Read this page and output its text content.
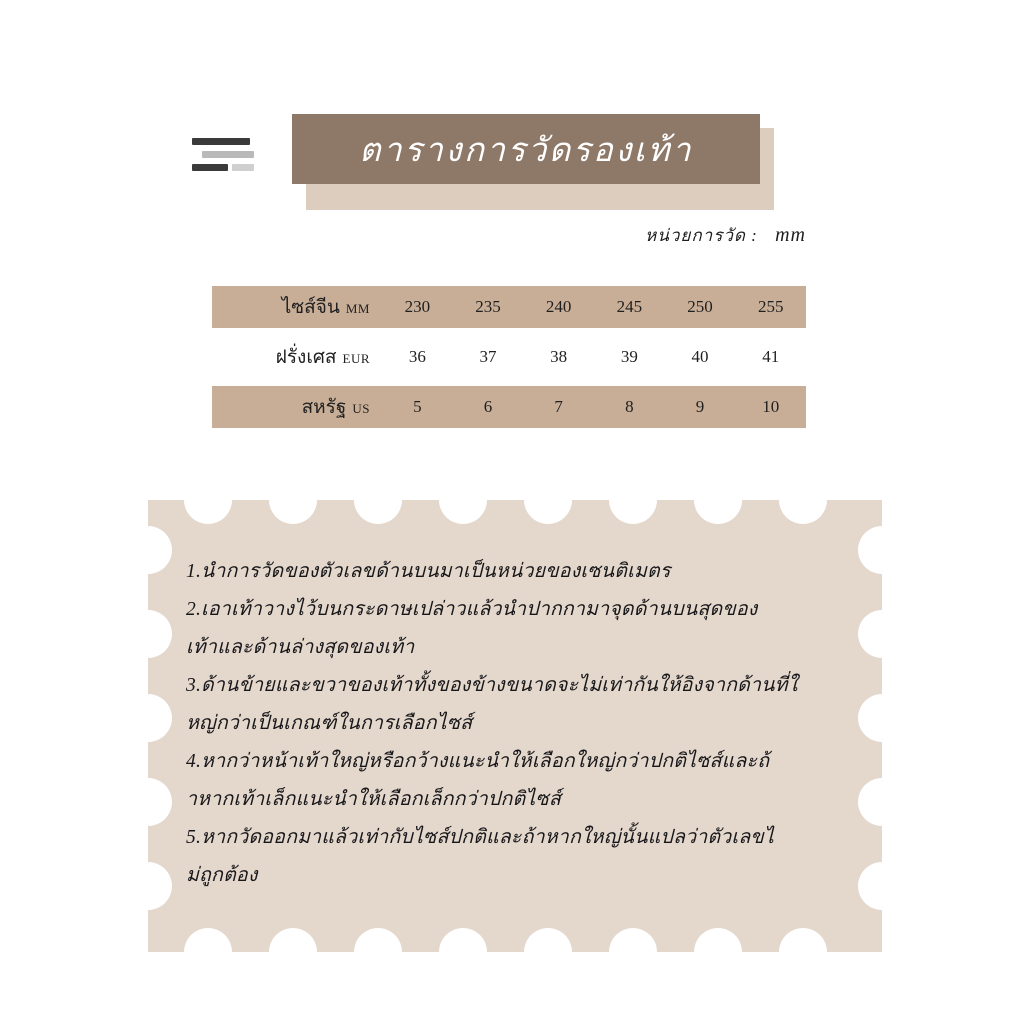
ตารางการวัดรองเท้า
หน่วยการวัด : mm
ไซส์จีน MM	230	235	240	245	250	255
ฝรั่งเศส EUR	36	37	38	39	40	41
สหรัฐ US	5	6	7	8	9	10

1.นำการวัดของตัวเลขด้านบนมาเป็นหน่วยของเซนติเมตร

2.เอาเท้าวางไว้บนกระดาษเปล่าวแล้วนำปากกามาจุดด้านบนสุดของ

เท้าและด้านล่างสุดของเท้า

3.ด้านข้ายและขวาของเท้าทั้งของข้างขนาดจะไม่เท่ากันให้อิงจากด้านที่ใ

หญ่กว่าเป็นเกณฑ์ในการเลือกไซส์

4.หากว่าหน้าเท้าใหญ่หรือกว้างแนะนำให้เลือกใหญ่กว่าปกติไซส์และถ้

าหากเท้าเล็กแนะนำให้เลือกเล็กกว่าปกติไซส์

5.หากวัดออกมาแล้วเท่ากับไซส์ปกติและถ้าหากใหญ่นั้นแปลว่าตัวเลขไ

ม่ถูกต้อง
